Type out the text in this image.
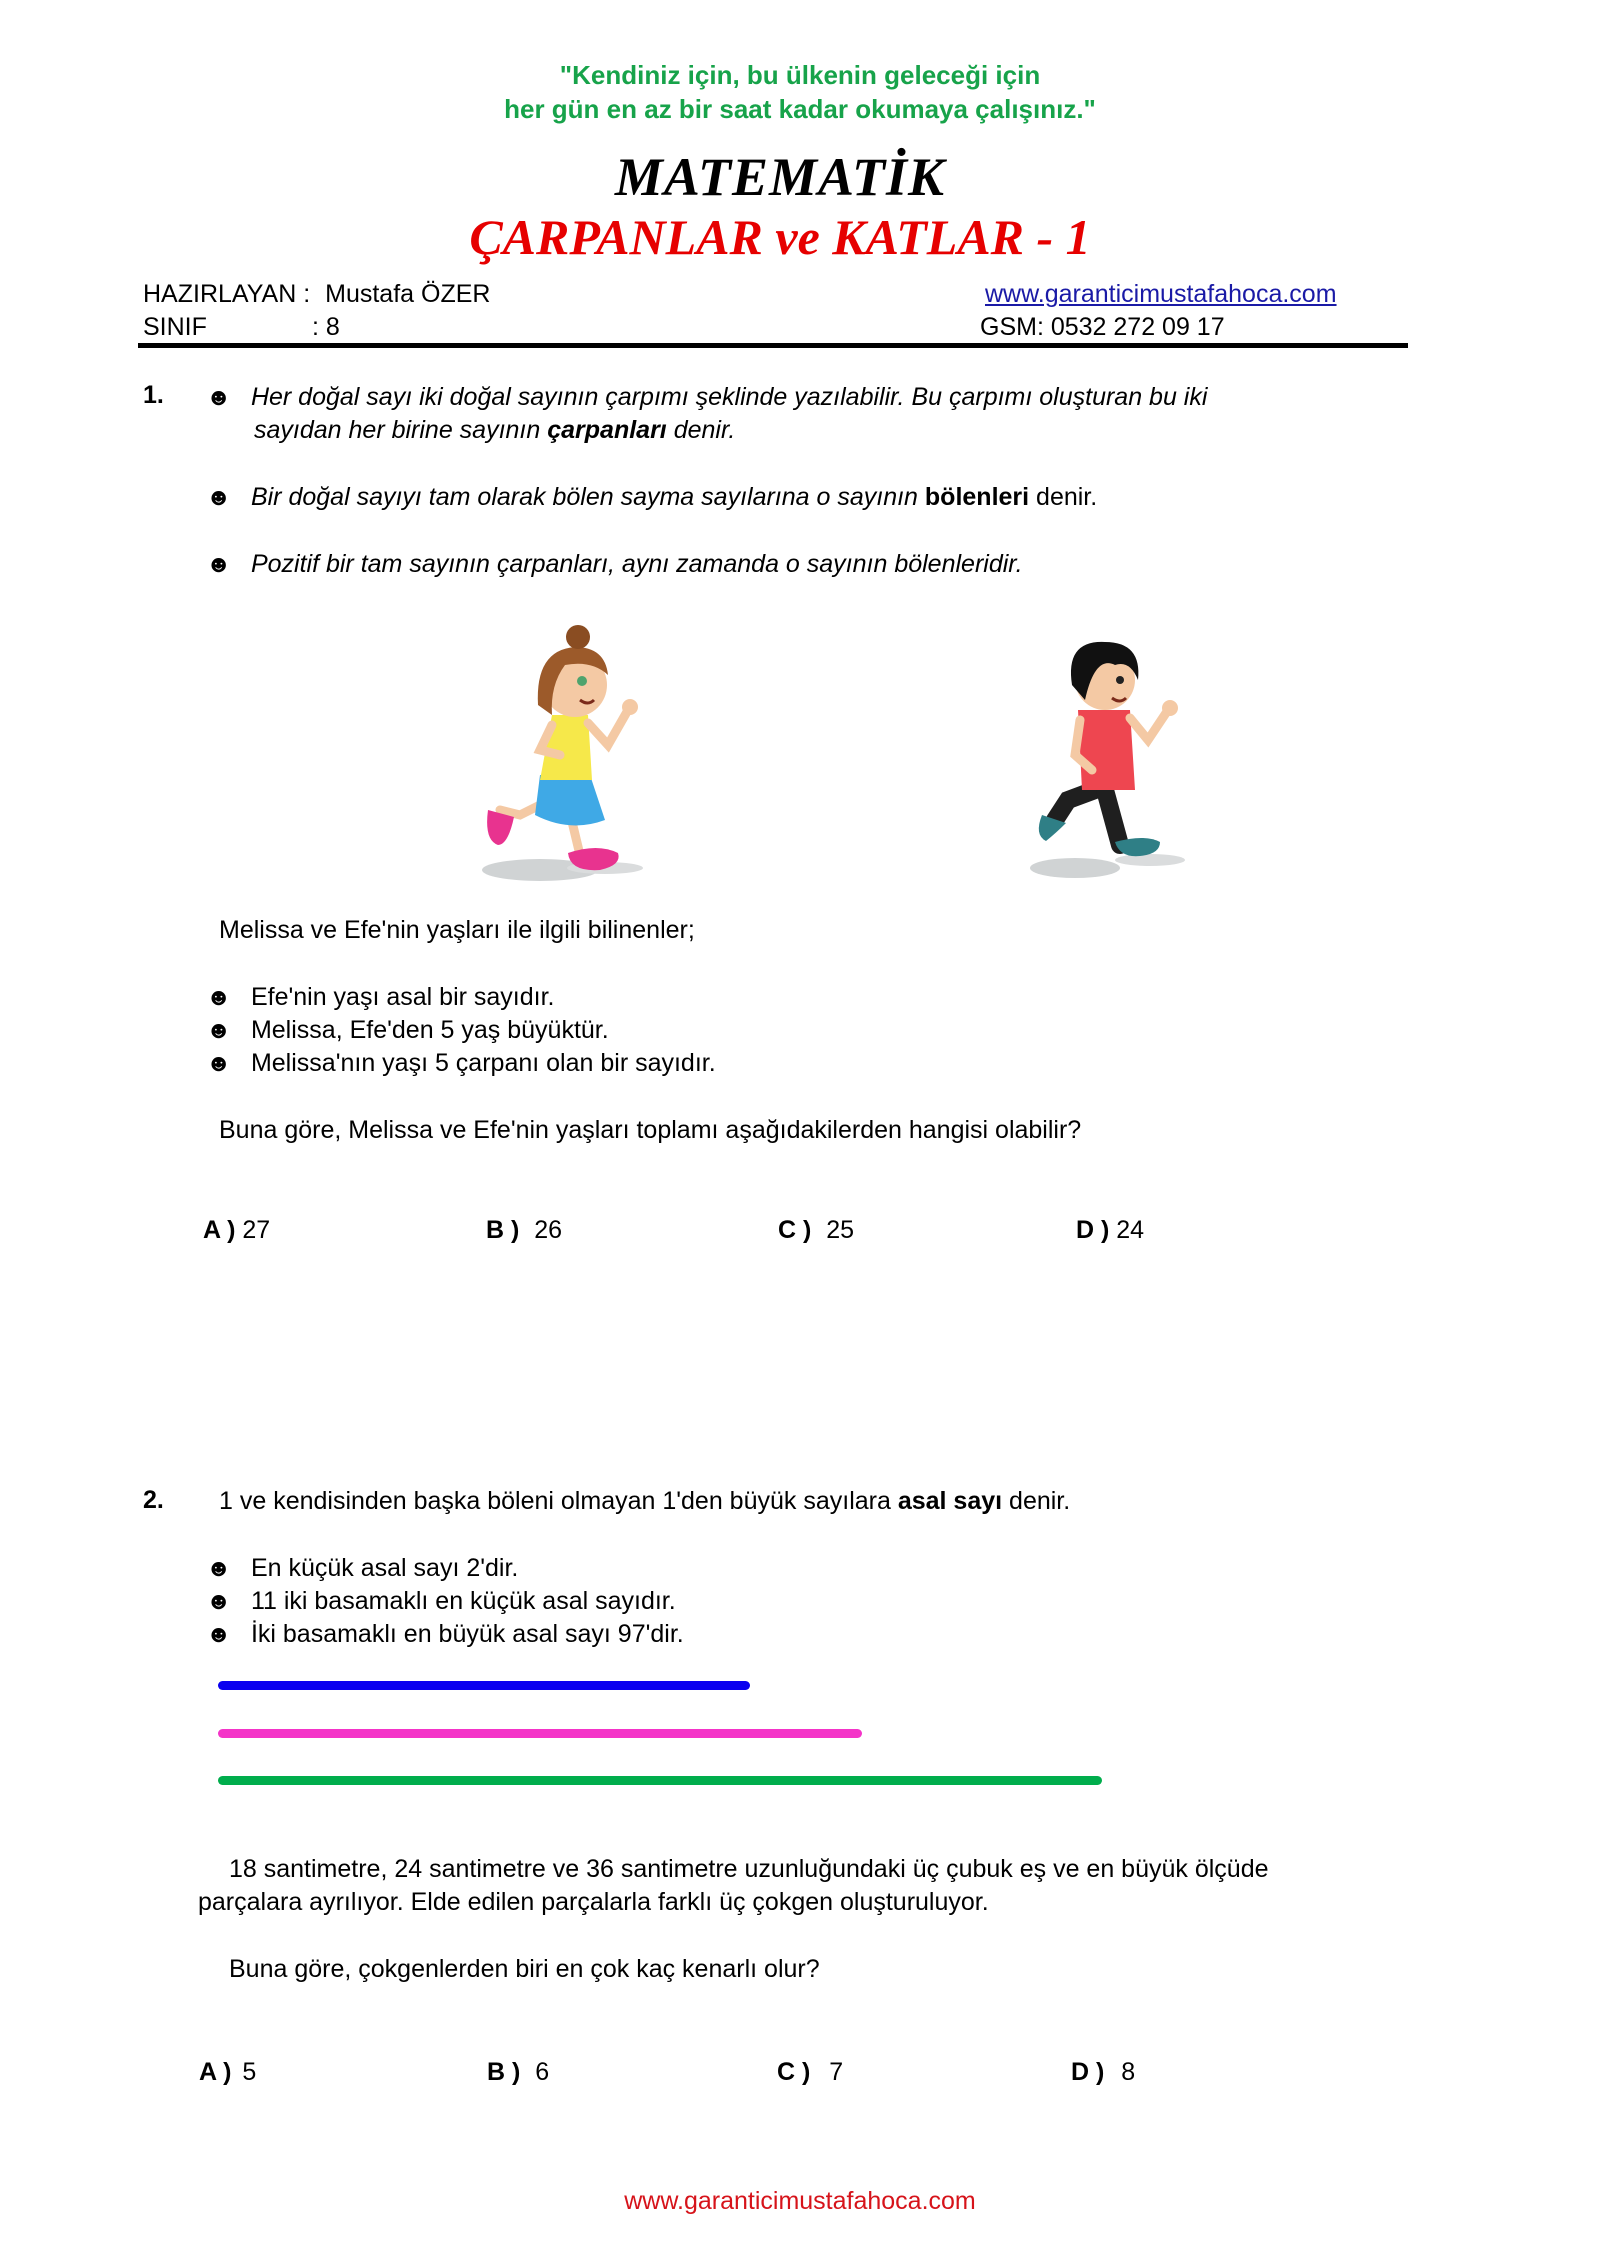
"Kendiniz için, bu ülkenin geleceği için
her gün en az bir saat kadar okumaya çalışınız."
MATEMATİK
ÇARPANLAR ve KATLAR - 1
HAZIRLAYAN : Mustafa ÖZER
SINIF	: 8
www.garanticimustafahoca.com
GSM: 0532 272 09 17
1. ☻ Her doğal sayı iki doğal sayının çarpımı şeklinde yazılabilir. Bu çarpımı oluşturan bu iki
sayıdan her birine sayının çarpanları denir.
☻ Bir doğal sayıyı tam olarak bölen sayma sayılarına o sayının bölenleri denir.
☻ Pozitif bir tam sayının çarpanları, aynı zamanda o sayının bölenleridir.
Melissa ve Efe'nin yaşları ile ilgili bilinenler;
☻ Efe'nin yaşı asal bir sayıdır.
☻ Melissa, Efe'den 5 yaş büyüktür.
☻ Melissa'nın yaşı 5 çarpanı olan bir sayıdır.
Buna göre, Melissa ve Efe'nin yaşları toplamı aşağıdakilerden hangisi olabilir?
A ) 27	B ) 26	C ) 25	D ) 24
2. 1 ve kendisinden başka böleni olmayan 1'den büyük sayılara asal sayı denir.
☻ En küçük asal sayı 2'dir.
☻ 11 iki basamaklı en küçük asal sayıdır.
☻ İki basamaklı en büyük asal sayı 97'dir.
18 santimetre, 24 santimetre ve 36 santimetre uzunluğundaki üç çubuk eş ve en büyük ölçüde
parçalara ayrılıyor. Elde edilen parçalarla farklı üç çokgen oluşturuluyor.
Buna göre, çokgenlerden biri en çok kaç kenarlı olur?
A ) 5	B ) 6	C ) 7	D ) 8
www.garanticimustafahoca.com
